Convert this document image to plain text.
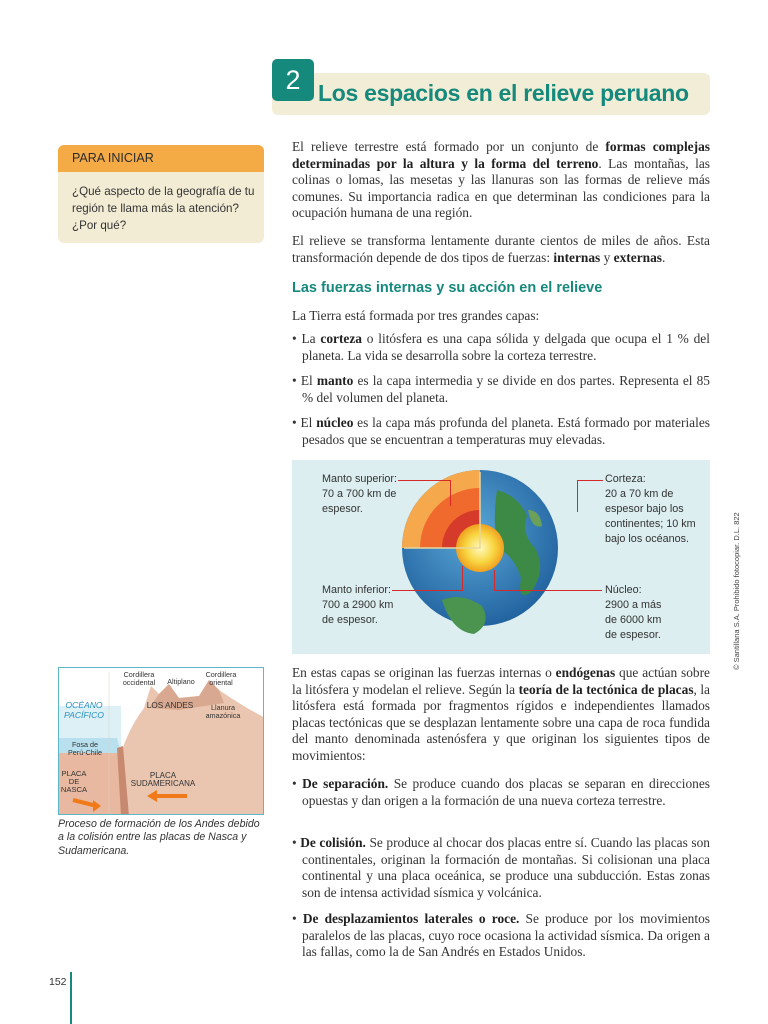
2 Los espacios en el relieve peruano
PARA INICIAR
¿Qué aspecto de la geografía de tu región te llama más la atención? ¿Por qué?
El relieve terrestre está formado por un conjunto de formas complejas determinadas por la altura y la forma del terreno. Las montañas, las colinas o lomas, las mesetas y las llanuras son las formas de relieve más comunes. Su importancia radica en que determinan las condiciones para la ocupación humana de una región.
El relieve se transforma lentamente durante cientos de miles de años. Esta transformación depende de dos tipos de fuerzas: internas y externas.
Las fuerzas internas y su acción en el relieve
La Tierra está formada por tres grandes capas:
• La corteza o litósfera es una capa sólida y delgada que ocupa el 1 % del planeta. La vida se desarrolla sobre la corteza terrestre.
• El manto es la capa intermedia y se divide en dos partes. Representa el 85 % del volumen del planeta.
• El núcleo es la capa más profunda del planeta. Está formado por materiales pesados que se encuentran a temperaturas muy elevadas.
Manto superior:
70 a 700 km de espesor.
Manto inferior:
700 a 2900 km de espesor.
Corteza:
20 a 70 km de espesor bajo los continentes; 10 km bajo los océanos.
Núcleo:
2900 a más de 6000 km de espesor.
En estas capas se originan las fuerzas internas o endógenas que actúan sobre la litósfera y modelan el relieve. Según la teoría de la tectónica de placas, la litósfera está formada por fragmentos rígidos e independientes llamados placas tectónicas que se desplazan lentamente sobre una capa de roca fundida del manto denominada astenósfera y que originan los siguientes tipos de movimientos:
• De separación. Se produce cuando dos placas se separan en direcciones opuestas y dan origen a la formación de una nueva corteza terrestre.
• De colisión. Se produce al chocar dos placas entre sí. Cuando las placas son continentales, originan la formación de montañas. Si colisionan una placa continental y una placa oceánica, se produce una subducción. Estas zonas son de intensa actividad sísmica y volcánica.
• De desplazamientos laterales o roce. Se produce por los movimientos paralelos de las placas, cuyo roce ocasiona la actividad sísmica. Da origen a las fallas, como la de San Andrés en Estados Unidos.
Cordillera occidental	Altiplano
Cordillera oriental
OCÉANO PACÍFICO
LOS ANDES	Llanura amazónica
Fosa de Perú-Chile
PLACA DE NASCA
PLACA SUDAMERICANA
Proceso de formación de los Andes debido a la colisión entre las placas de Nasca y Sudamericana.
© Santillana S.A. Prohibido fotocopiar. D.L. 822
152
